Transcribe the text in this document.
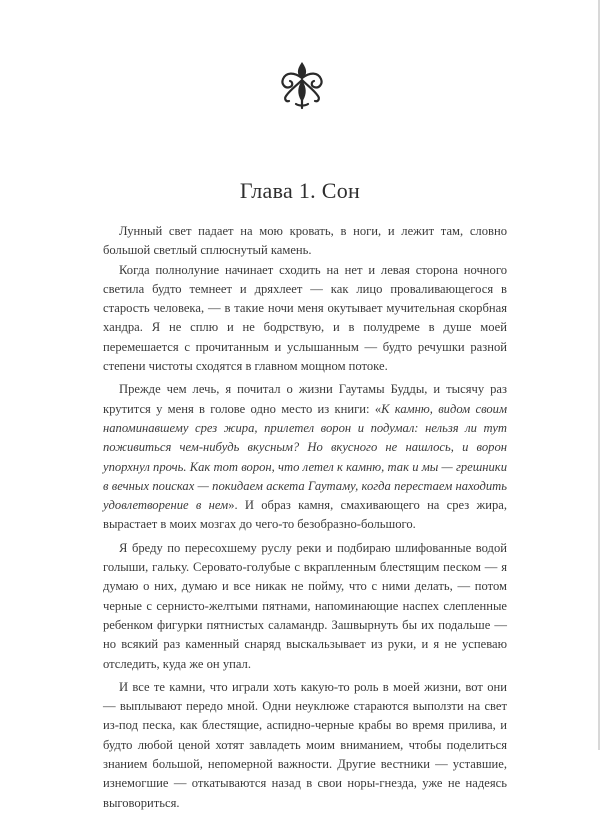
Глава 1. Сон

Лунный свет падает на мою кровать, в ноги, и лежит там, словно большой светлый сплюснутый камень.

Когда полнолуние начинает сходить на нет и левая сторона ночного светила будто темнеет и дряхлеет — как лицо проваливающегося в старость человека, — в такие ночи меня окутывает мучительная скорбная хандра. Я не сплю и не бодрствую, и в полудреме в душе моей перемешается с прочитанным и услышанным — будто речушки разной степени чистоты сходятся в главном мощном потоке.

Прежде чем лечь, я почитал о жизни Гаутамы Будды, и тысячу раз крутится у меня в голове одно место из книги: «К камню, видом своим напоминавшему срез жира, прилетел ворон и подумал: нельзя ли тут поживиться чем-нибудь вкусным? Но вкусного не нашлось, и ворон упорхнул прочь. Как тот ворон, что летел к камню, так и мы — грешники в вечных поисках — покидаем аскета Гаутаму, когда перестаем находить удовлетворение в нем». И образ камня, смахивающего на срез жира, вырастает в моих мозгах до чего-то безобразно-большого.

Я бреду по пересохшему руслу реки и подбираю шлифованные водой голыши, гальку. Серовато-голубые с вкрапленным блестящим песком — я думаю о них, думаю и все никак не пойму, что с ними делать, — потом черные с сернисто-желтыми пятнами, напоминающие наспех слепленные ребенком фигурки пятнистых саламандр. Зашвырнуть бы их подальше — но всякий раз каменный снаряд выскальзывает из руки, и я не успеваю отследить, куда же он упал.

И все те камни, что играли хоть какую-то роль в моей жизни, вот они — выплывают передо мной. Одни неуклюже стараются выползти на свет из-под песка, как блестящие, аспидно-черные крабы во время прилива, и будто любой ценой хотят завладеть моим вниманием, чтобы поделиться знанием большой, непомерной важности. Другие вестники — уставшие, изнемогшие — откатываются назад в свои норы-гнезда, уже не надеясь выговориться.
